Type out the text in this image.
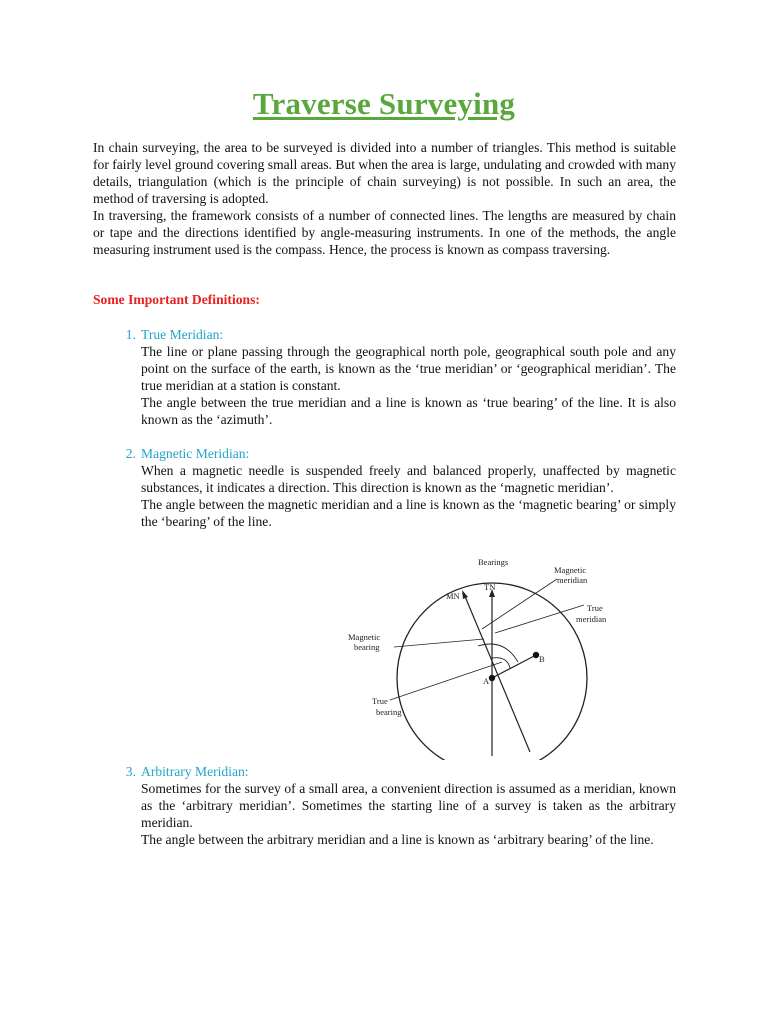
Traverse Surveying

In chain surveying, the area to be surveyed is divided into a number of triangles. This method is suitable for fairly level ground covering small areas. But when the area is large, undulating and crowded with many details, triangulation (which is the principle of chain surveying) is not possible. In such an area, the method of traversing is adopted.

In traversing, the framework consists of a number of connected lines. The lengths are measured by chain or tape and the directions identified by angle-measuring instruments. In one of the methods, the angle measuring instrument used is the compass. Hence, the process is known as compass traversing.

Some Important Definitions:
1. True Meridian:

The line or plane passing through the geographical north pole, geographical south pole and any point on the surface of the earth, is known as the ‘true meridian’ or ‘geographical meridian’. The true meridian at a station is constant.

The angle between the true meridian and a line is known as ‘true bearing’ of the line. It is also known as the ‘azimuth’.

2. Magnetic Meridian:

When a magnetic needle is suspended freely and balanced properly, unaffected by magnetic substances, it indicates a direction. This direction is known as the ‘magnetic meridian’.

The angle between the magnetic meridian and a line is known as the ‘magnetic bearing’ or simply the ‘bearing’ of the line.

Bearings
TN
MN
Magnetic
meridian
True
meridian
Magnetic
bearing
True
bearing
A
B
3. Arbitrary Meridian:

Sometimes for the survey of a small area, a convenient direction is assumed as a meridian, known as the ‘arbitrary meridian’. Sometimes the starting line of a survey is taken as the arbitrary meridian.

The angle between the arbitrary meridian and a line is known as ‘arbitrary bearing’ of the line.
